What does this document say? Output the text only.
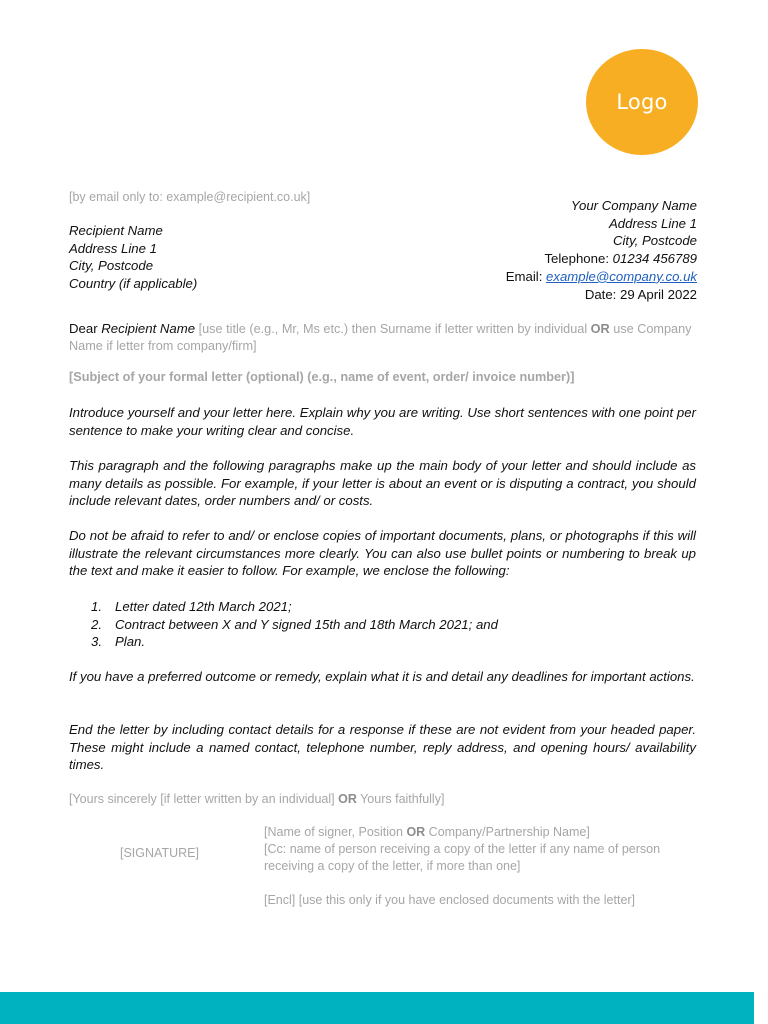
Logo
[by email only to: example@recipient.co.uk]
Your Company Name
Address Line 1
City, Postcode
Telephone: 01234 456789
Email: example@company.co.uk
Date: 29 April 2022
Recipient Name
Address Line 1
City, Postcode
Country (if applicable)
Dear Recipient Name [use title (e.g., Mr, Ms etc.) then Surname if letter written by individual OR use Company Name if letter from company/firm]
[Subject of your formal letter (optional) (e.g., name of event, order/ invoice number)]
Introduce yourself and your letter here. Explain why you are writing. Use short sentences with one point per sentence to make your writing clear and concise.
This paragraph and the following paragraphs make up the main body of your letter and should include as many details as possible. For example, if your letter is about an event or is disputing a contract, you should include relevant dates, order numbers and/ or costs.
Do not be afraid to refer to and/ or enclose copies of important documents, plans, or photographs if this will illustrate the relevant circumstances more clearly. You can also use bullet points or numbering to break up the text and make it easier to follow. For example, we enclose the following:
1. Letter dated 12th March 2021;
2. Contract between X and Y signed 15th and 18th March 2021; and
3. Plan.
If you have a preferred outcome or remedy, explain what it is and detail any deadlines for important actions.
End the letter by including contact details for a response if these are not evident from your headed paper. These might include a named contact, telephone number, reply address, and opening hours/ availability times.
[Yours sincerely [if letter written by an individual] OR Yours faithfully]
[SIGNATURE]
[Name of signer, Position OR Company/Partnership Name]
[Cc: name of person receiving a copy of the letter if any name of person receiving a copy of the letter, if more than one]
[Encl] [use this only if you have enclosed documents with the letter]
